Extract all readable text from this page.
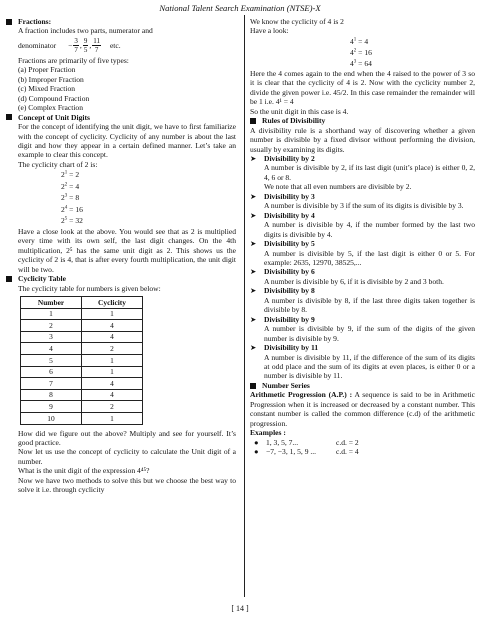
National Talent Search Examination (NTSE)-X

Fractions:

A fraction includes two parts, numerator and

denominator − $\frac{3}{7}$ , 9
5
, 11
7
etc.

Fractions are primarily of five types:

(a) Proper Fraction

(b) Improper Fraction

(c) Mixed Fraction

(d) Compound Fraction

(e) Complex Fraction

Concept of Unit Digits

For the concept of identifying the unit digit, we have to first familiarize with the concept of cyclicity. Cyclicity of any number is about the last digit and how they appear in a certain defined manner. Let’s take an example to clear this concept.

The cyclicity chart of 2 is:

$2^1 = 2$

$2^2 = 4$

$2^3 = 8$

$2^4 = 16$

$2^5 = 32$

Have a close look at the above. You would see that as 2 is multiplied every time with its own self, the last digit changes. On the 4th multiplication, 2⁵ has the same unit digit as 2. This shows us the cyclicity of 2 is 4, that is after every fourth multiplication, the unit digit will be two.

Cyclicity Table

The cyclicity table for numbers is given below:

Number	Cyclicity
1	1
2	4
3	4
4	2
5	1
6	1
7	4
8	4
9	2
10	1

How did we figure out the above? Multiply and see for yourself. It’s good practice.

Now let us use the concept of cyclicity to calculate the Unit digit of a number.

What is the unit digit of the expression 4⁴⁵?

Now we have two methods to solve this but we choose the best way to solve it i.e. through cyclicity

We know the cyclicity of 4 is 2

Have a look:

$4^1 = 4$

$4^2 = 16$

$4^3 = 64$

Here the 4 comes again to the end when the 4 raised to the power of 3 so it is clear that the cyclicity of 4 is 2. Now with the cyclicity number 2, divide the given power i.e. 45/2. In this case remainder the remainder will be 1 i.e. 4¹ = 4

So the unit digit in this case is 4.

Rules of Divisibility

A divisibility rule is a shorthand way of discovering whether a given number is divisible by a fixed divisor without performing the division, usually by examining its digits.

➤	Divisibility by 2

A number is divisible by 2, if its last digit (unit’s place) is either 0, 2, 4, 6 or 8.

We note that all even numbers are divisible by 2.

➤	Divisibility by 3

A number is divisible by 3 if the sum of its digits is divisible by 3.

➤	Divisibility by 4

A number is divisible by 4, if the number formed by the last two digits is divisible by 4.

➤	Divisibility by 5

A number is divisible by 5, if the last digit is either 0 or 5. For example: 2635, 12970, 38525,...

➤	Divisibility by 6

A number is divisible by 6, if it is divisible by 2 and 3 both.

➤	Divisibility by 8

A number is divisible by 8, if the last three digits taken together is divisible by 8.

➤	Divisibility by 9

A number is divisible by 9, if the sum of the digits of the given number is divisible by 9.

➤	Divisibility by 11

A number is divisible by 11, if the difference of the sum of its digits at odd place and the sum of its digits at even places, is either 0 or a number is divisible by 11.

Number Series

Arithmetic Progression (A.P.) : A sequence is said to be in Arithmetic Progression when it is increased or decreased by a constant number. This constant number is called the common difference (c.d) of the arithmetic progression.

Examples :

● 1, 3, 5, 7...	c.d. = 2
● −7, −3, 1, 5, 9 ...	c.d. = 4
[ 14 ]
